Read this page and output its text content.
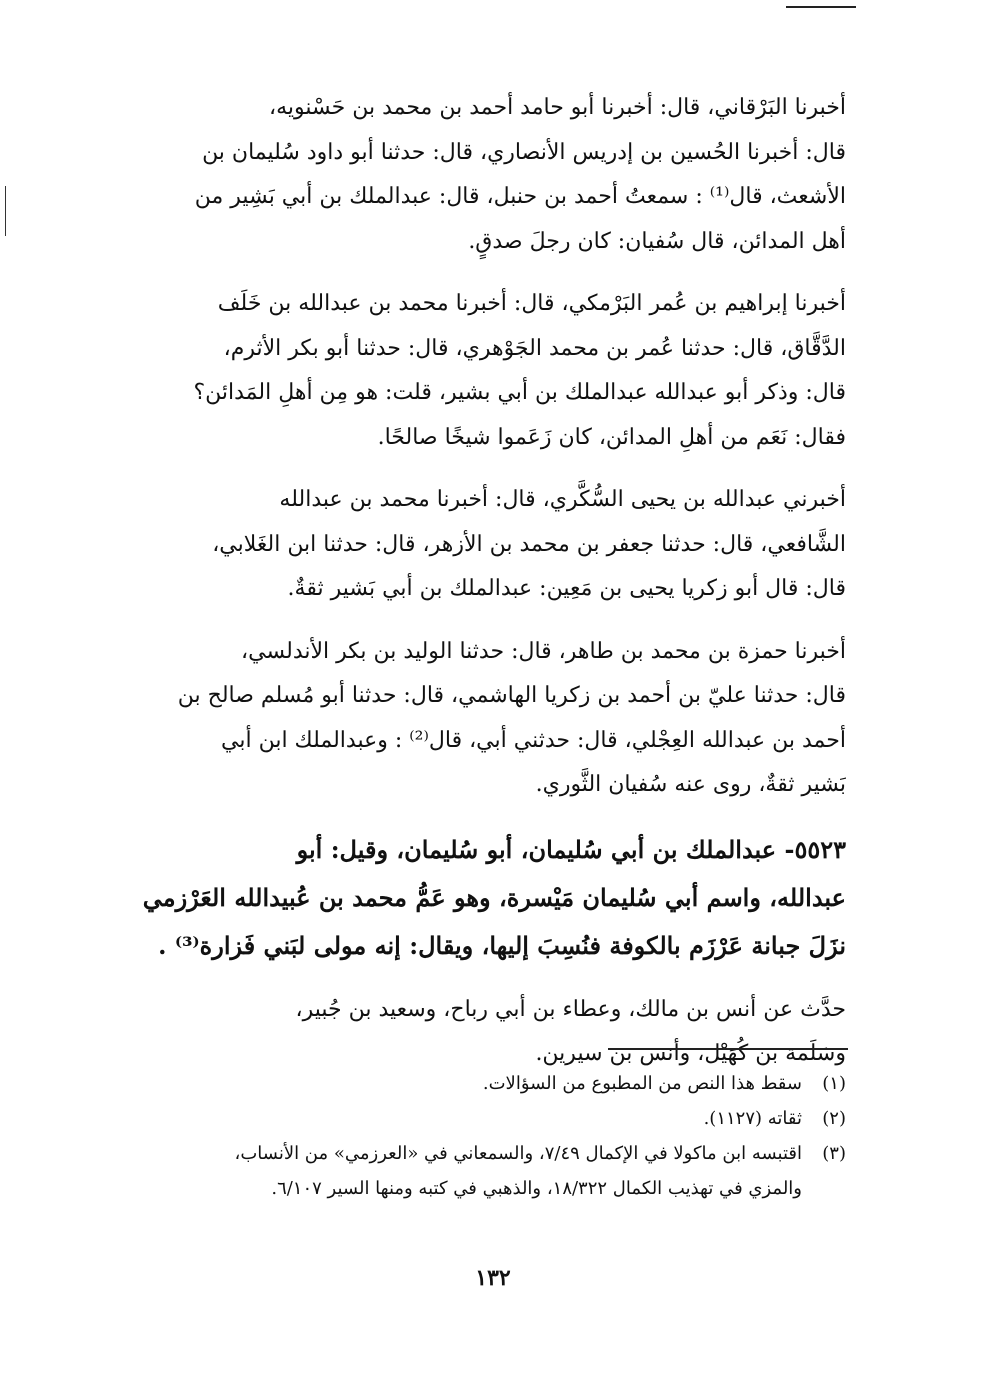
أخبرنا البَرْقاني، قال: أخبرنا أبو حامد أحمد بن محمد بن حَسْنويه،
قال: أخبرنا الحُسين بن إدريس الأنصاري، قال: حدثنا أبو داود سُليمان بن
الأشعث، قال⁽¹⁾ : سمعتُ أحمد بن حنبل، قال: عبدالملك بن أبي بَشِير من
أهل المدائن، قال سُفيان: كان رجلَ صدقٍ.

أخبرنا إبراهيم بن عُمر البَرْمكي، قال: أخبرنا محمد بن عبدالله بن خَلَف
الدَّقَّاق، قال: حدثنا عُمر بن محمد الجَوْهري، قال: حدثنا أبو بكر الأثرم،
قال: وذكر أبو عبدالله عبدالملك بن أبي بشير، قلت: هو مِن أهلِ المَدائن؟
فقال: نَعَم من أهلِ المدائن، كان زَعَموا شيخًا صالحًا.

أخبرني عبدالله بن يحيى السُّكَّري، قال: أخبرنا محمد بن عبدالله
الشَّافعي، قال: حدثنا جعفر بن محمد بن الأزهر، قال: حدثنا ابن الغَلابي،
قال: قال أبو زكريا يحيى بن مَعِين: عبدالملك بن أبي بَشير ثقةٌ.

أخبرنا حمزة بن محمد بن طاهر، قال: حدثنا الوليد بن بكر الأندلسي،
قال: حدثنا عليّ بن أحمد بن زكريا الهاشمي، قال: حدثنا أبو مُسلم صالح بن
أحمد بن عبدالله العِجْلي، قال: حدثني أبي، قال⁽²⁾ : وعبدالملك ابن أبي
بَشير ثقةٌ، روى عنه سُفيان الثَّوري.

٥٥٢٣- عبدالملك بن أبي سُليمان، أبو سُليمان، وقيل: أبو
عبدالله، واسم أبي سُليمان مَيْسرة، وهو عَمُّ محمد بن عُبيدالله العَرْزمي
نزَلَ جبانة عَرْزَم بالكوفة فنُسِبَ إليها، ويقال: إنه مولى لبَني فَزارة⁽³⁾ .

حدَّث عن أنس بن مالك، وعطاء بن أبي رباح، وسعيد بن جُبير،
وسَلَمة بن كُهَيْل، وأنس بن سيرين.

(١)سقط هذا النص من المطبوع من السؤالات.
(٢)ثقاته (١١٢٧).
(٣)اقتبسه ابن ماكولا في الإكمال ٧/٤٩، والسمعاني في «العرزمي» من الأنساب،
والمزي في تهذيب الكمال ١٨/٣٢٢، والذهبي في كتبه ومنها السير ٦/١٠٧.
١٣٢
